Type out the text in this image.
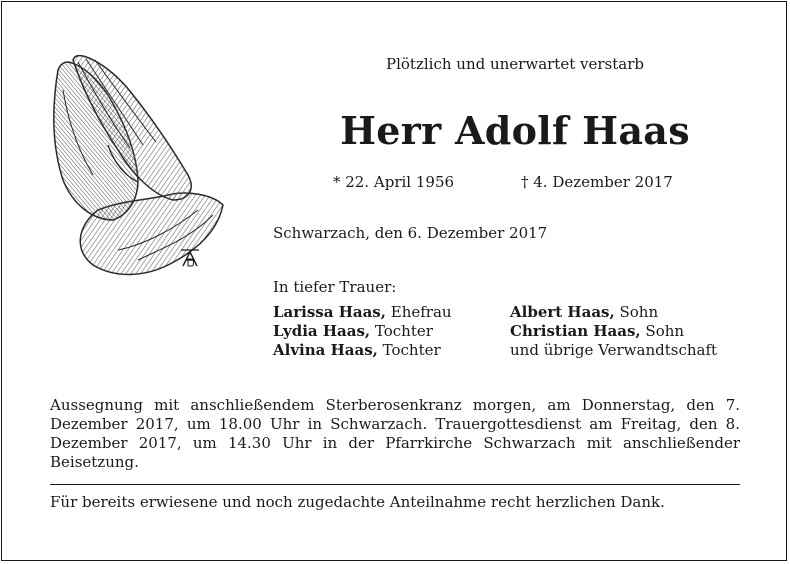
Plötzlich und unerwartet verstarb
Herr Adolf Haas
* 22. April 1956	† 4. Dezember 2017
Schwarzach, den 6. Dezember 2017
In tiefer Trauer:
Larissa Haas, Ehefrau
Lydia Haas, Tochter
Alvina Haas, Tochter
Albert Haas, Sohn
Christian Haas, Sohn
und übrige Verwandtschaft
Aussegnung mit anschließendem Sterberosenkranz morgen, am Donnerstag, den 7. Dezember 2017, um 18.00 Uhr in Schwarzach. Trauergottesdienst am Freitag, den 8. Dezember 2017, um 14.30 Uhr in der Pfarrkirche Schwarzach mit anschließender Beisetzung.
Für bereits erwiesene und noch zugedachte Anteilnahme recht herzlichen Dank.
